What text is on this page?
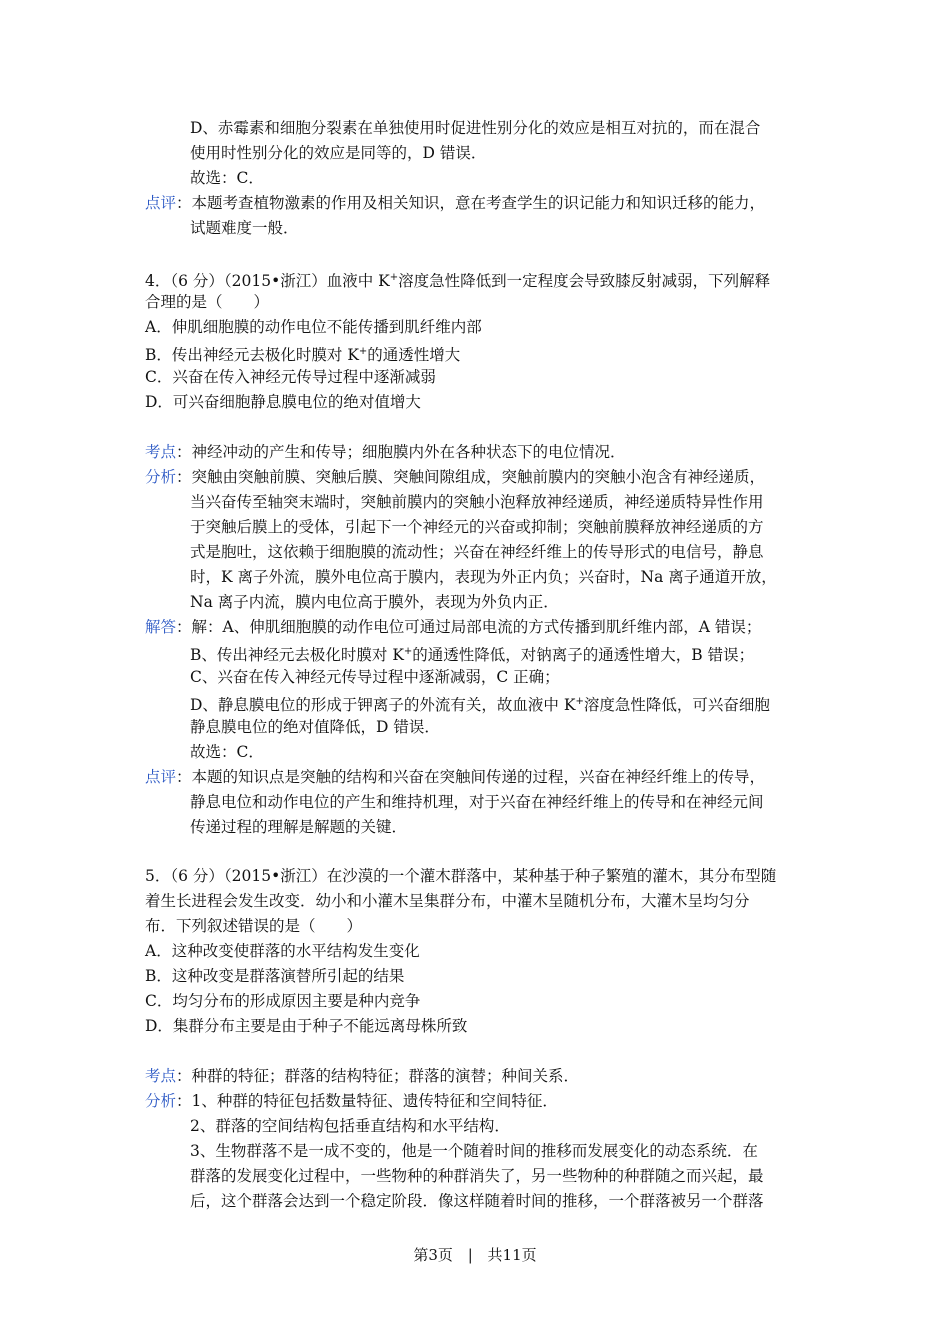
D、赤霉素和细胞分裂素在单独使用时促进性别分化的效应是相互对抗的，而在混合
使用时性别分化的效应是同等的，D 错误．
故选：C．
点评：本题考查植物激素的作用及相关知识，意在考查学生的识记能力和知识迁移的能力，
试题难度一般．
4．（6 分）（2015•浙江）血液中 K+溶度急性降低到一定程度会导致膝反射减弱，下列解释
合理的是（　　）
A．伸肌细胞膜的动作电位不能传播到肌纤维内部
B．传出神经元去极化时膜对 K+的通透性增大
C．兴奋在传入神经元传导过程中逐渐减弱
D．可兴奋细胞静息膜电位的绝对值增大
考点：神经冲动的产生和传导；细胞膜内外在各种状态下的电位情况．
分析：突触由突触前膜、突触后膜、突触间隙组成，突触前膜内的突触小泡含有神经递质，
当兴奋传至轴突末端时，突触前膜内的突触小泡释放神经递质，神经递质特异性作用
于突触后膜上的受体，引起下一个神经元的兴奋或抑制；突触前膜释放神经递质的方
式是胞吐，这依赖于细胞膜的流动性；兴奋在神经纤维上的传导形式的电信号，静息
时，K 离子外流，膜外电位高于膜内，表现为外正内负；兴奋时，Na 离子通道开放，
Na 离子内流，膜内电位高于膜外，表现为外负内正．
解答：解：A、伸肌细胞膜的动作电位可通过局部电流的方式传播到肌纤维内部，A 错误；
B、传出神经元去极化时膜对 K+的通透性降低，对钠离子的通透性增大，B 错误；
C、兴奋在传入神经元传导过程中逐渐减弱，C 正确；
D、静息膜电位的形成于钾离子的外流有关，故血液中 K+溶度急性降低，可兴奋细胞
静息膜电位的绝对值降低，D 错误．
故选：C．
点评：本题的知识点是突触的结构和兴奋在突触间传递的过程，兴奋在神经纤维上的传导，
静息电位和动作电位的产生和维持机理，对于兴奋在神经纤维上的传导和在神经元间
传递过程的理解是解题的关键．
5．（6 分）（2015•浙江）在沙漠的一个灌木群落中，某种基于种子繁殖的灌木，其分布型随
着生长进程会发生改变．幼小和小灌木呈集群分布，中灌木呈随机分布，大灌木呈均匀分
布．下列叙述错误的是（　　）
A．这种改变使群落的水平结构发生变化
B．这种改变是群落演替所引起的结果
C．均匀分布的形成原因主要是种内竞争
D．集群分布主要是由于种子不能远离母株所致
考点：种群的特征；群落的结构特征；群落的演替；种间关系．
分析：1、种群的特征包括数量特征、遗传特征和空间特征．
2、群落的空间结构包括垂直结构和水平结构．
3、生物群落不是一成不变的，他是一个随着时间的推移而发展变化的动态系统．在
群落的发展变化过程中，一些物种的种群消失了，另一些物种的种群随之而兴起，最
后，这个群落会达到一个稳定阶段．像这样随着时间的推移，一个群落被另一个群落
第3页 | 共11页
